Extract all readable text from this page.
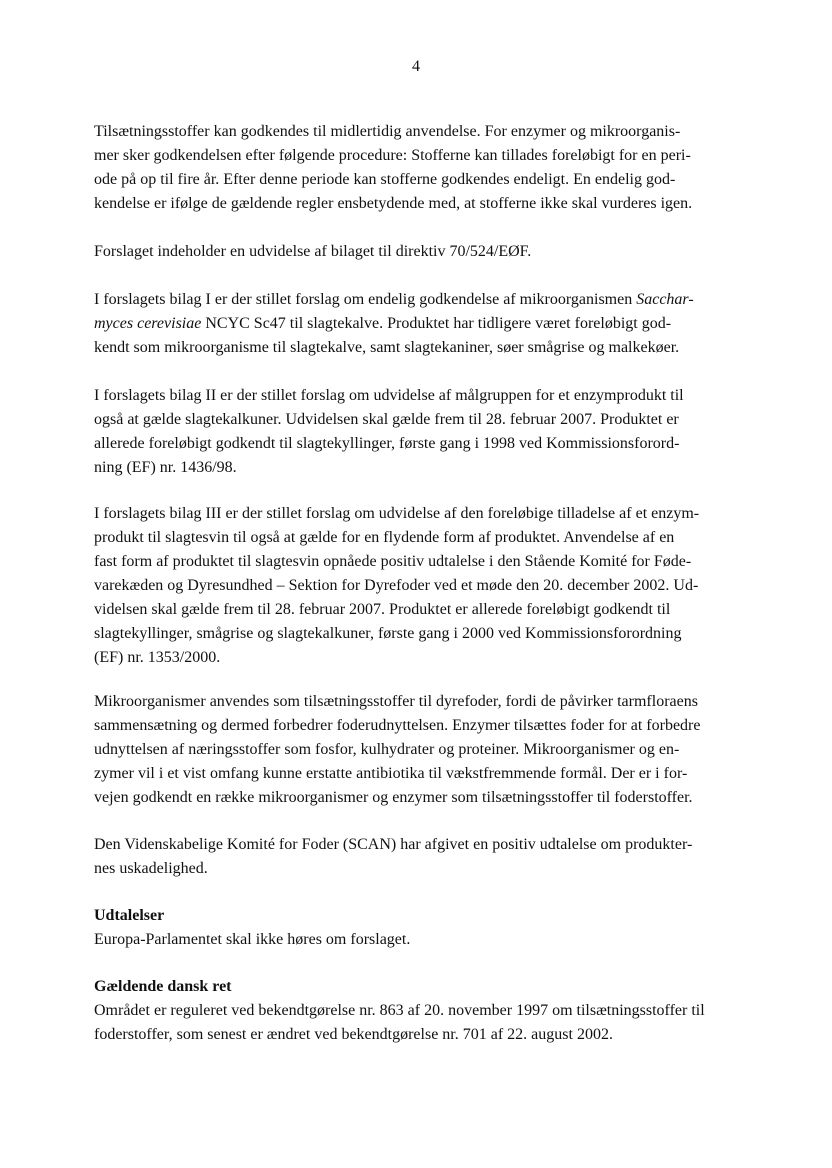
4
Tilsætningsstoffer kan godkendes til midlertidig anvendelse. For enzymer og mikroorganis-
mer sker godkendelsen efter følgende procedure: Stofferne kan tillades foreløbigt for en peri-
ode på op til fire år. Efter denne periode kan stofferne godkendes endeligt. En endelig god-
kendelse er ifølge de gældende regler ensbetydende med, at stofferne ikke skal vurderes igen.
Forslaget indeholder en udvidelse af bilaget til direktiv 70/524/EØF.
I forslagets bilag I er der stillet forslag om endelig godkendelse af mikroorganismen Sacchar-
myces cerevisiae NCYC Sc47 til slagtekalve. Produktet har tidligere været foreløbigt god-
kendt som mikroorganisme til slagtekalve, samt slagtekaniner, søer smågrise og malkekøer.
I forslagets bilag II er der stillet forslag om udvidelse af målgruppen for et enzymprodukt til
også at gælde slagtekalkuner. Udvidelsen skal gælde frem til 28. februar 2007. Produktet er
allerede foreløbigt godkendt til slagtekyllinger, første gang i 1998 ved Kommissionsforord-
ning (EF) nr. 1436/98.
I forslagets bilag III er der stillet forslag om udvidelse af den foreløbige tilladelse af et enzym-
produkt til slagtesvin til også at gælde for en flydende form af produktet. Anvendelse af en
fast form af produktet til slagtesvin opnåede positiv udtalelse i den Stående Komité for Føde-
varekæden og Dyresundhed – Sektion for Dyrefoder ved et møde den 20. december 2002. Ud-
videlsen skal gælde frem til 28. februar 2007. Produktet er allerede foreløbigt godkendt til
slagtekyllinger, smågrise og slagtekalkuner, første gang i 2000 ved Kommissionsforordning
(EF) nr. 1353/2000.
Mikroorganismer anvendes som tilsætningsstoffer til dyrefoder, fordi de påvirker tarmfloraens
sammensætning og dermed forbedrer foderudnyttelsen. Enzymer tilsættes foder for at forbedre
udnyttelsen af næringsstoffer som fosfor, kulhydrater og proteiner. Mikroorganismer og en-
zymer vil i et vist omfang kunne erstatte antibiotika til vækstfremmende formål. Der er i for-
vejen godkendt en række mikroorganismer og enzymer som tilsætningsstoffer til foderstoffer.
Den Videnskabelige Komité for Foder (SCAN) har afgivet en positiv udtalelse om produkter-
nes uskadelighed.
Udtalelser
Europa-Parlamentet skal ikke høres om forslaget.
Gældende dansk ret
Området er reguleret ved bekendtgørelse nr. 863 af 20. november 1997 om tilsætningsstoffer til
foderstoffer, som senest er ændret ved bekendtgørelse nr. 701 af 22. august 2002.
